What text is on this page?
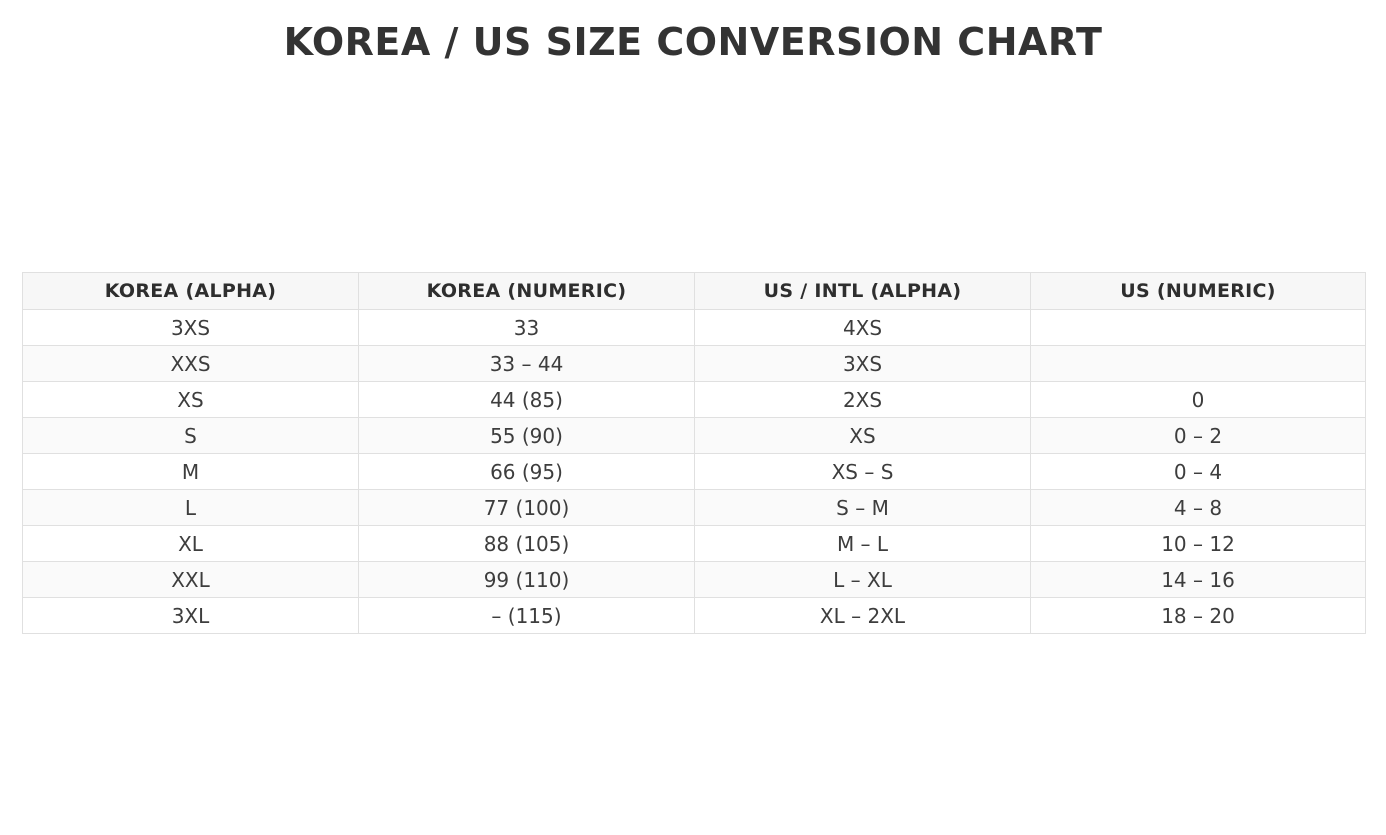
KOREA / US SIZE CONVERSION CHART
KOREA (ALPHA)	KOREA (NUMERIC)	US / INTL (ALPHA)	US (NUMERIC)
3XS	33	4XS	
XXS	33 – 44	3XS	
XS	44 (85)	2XS	0
S	55 (90)	XS	0 – 2
M	66 (95)	XS – S	0 – 4
L	77 (100)	S – M	4 – 8
XL	88 (105)	M – L	10 – 12
XXL	99 (110)	L – XL	14 – 16
3XL	– (115)	XL – 2XL	18 – 20
